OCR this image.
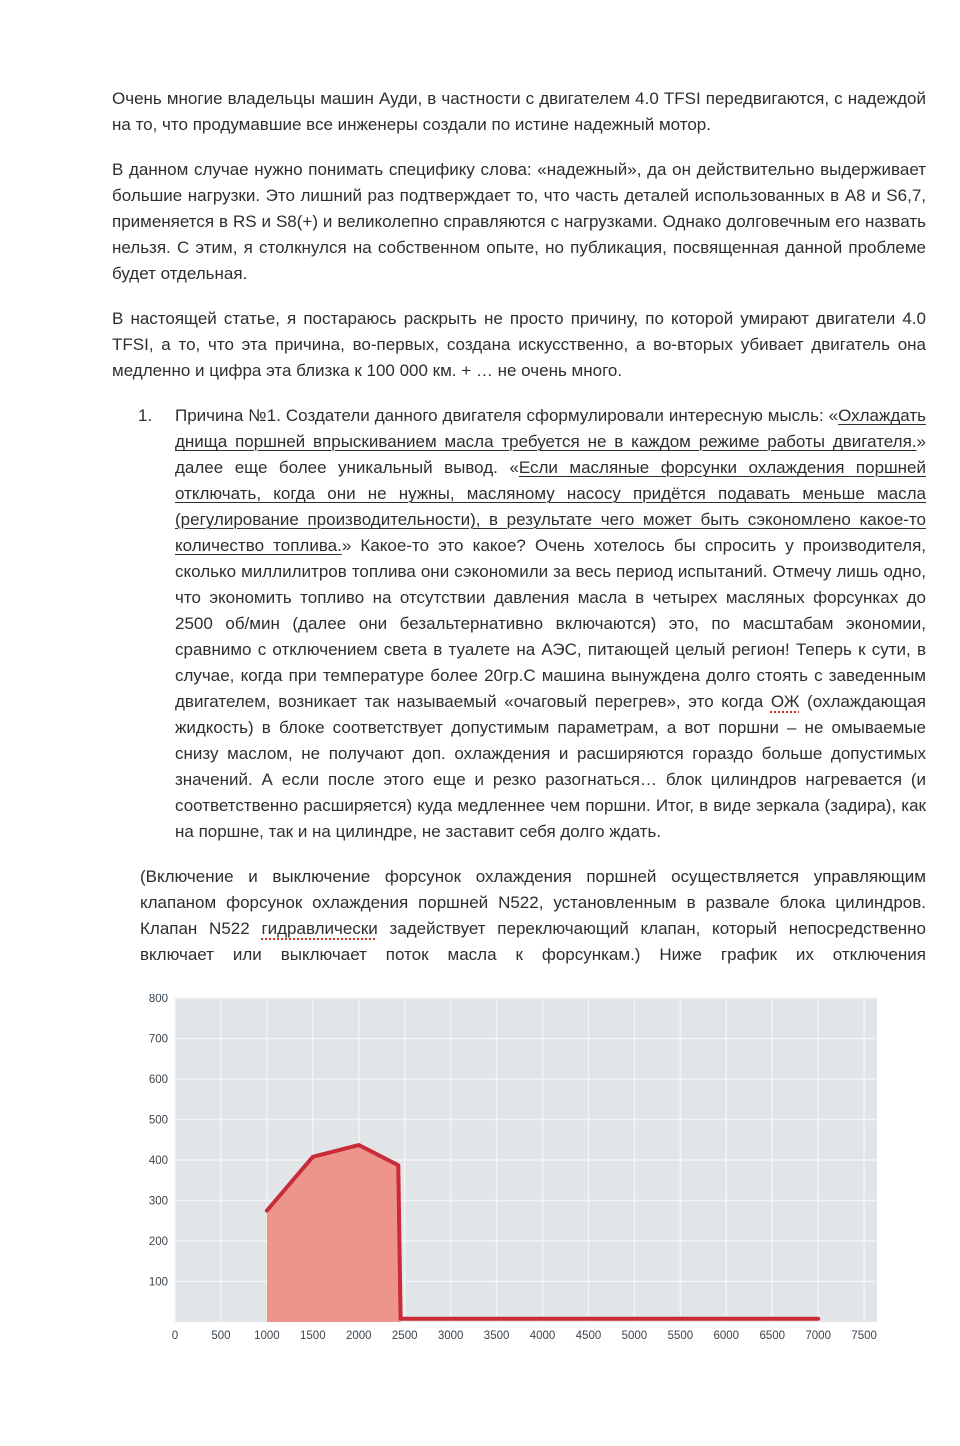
Очень многие владельцы машин Ауди, в частности с двигателем 4.0 TFSI передвигаются, с надеждой на то, что продумавшие все инженеры создали по истине надежный мотор.

В данном случае нужно понимать специфику слова: «надежный», да он действительно выдерживает большие нагрузки. Это лишний раз подтверждает то, что часть деталей использованных в А8 и S6,7, применяется в RS и S8(+) и великолепно справляются с нагрузками. Однако долговечным его назвать нельзя. С этим, я столкнулся на собственном опыте, но публикация, посвященная данной проблеме будет отдельная.

В настоящей статье, я постараюсь раскрыть не просто причину, по которой умирают двигатели 4.0 TFSI, а то, что эта причина, во-первых, создана искусственно, а во-вторых убивает двигатель она медленно и цифра эта близка к 100 000 км. + … не очень много.

1.	Причина №1. Создатели данного двигателя сформулировали интересную мысль: «Охлаждать днища поршней впрыскиванием масла требуется не в каждом режиме работы двигателя.» далее еще более уникальный вывод. «Если масляные форсунки охлаждения поршней отключать, когда они не нужны, масляному насосу придётся подавать меньше масла (регулирование производительности), в результате чего может быть сэкономлено какое-то количество топлива.» Какое-то это какое? Очень хотелось бы спросить у производителя, сколько миллилитров топлива они сэкономили за весь период испытаний. Отмечу лишь одно, что экономить топливо на отсутствии давления масла в четырех масляных форсунках до 2500 об/мин (далее они безальтернативно включаются) это, по масштабам экономии, сравнимо с отключением света в туалете на АЭС, питающей целый регион! Теперь к сути, в случае, когда при температуре более 20гр.С машина вынуждена долго стоять с заведенным двигателем, возникает так называемый «очаговый перегрев», это когда ОЖ (охлаждающая жидкость) в блоке соответствует допустимым параметрам, а вот поршни – не омываемые снизу маслом, не получают доп. охлаждения и расширяются гораздо больше допустимых значений. А если после этого еще и резко разогнаться… блок цилиндров нагревается (и соответственно расширяется) куда медленнее чем поршни. Итог, в виде зеркала (задира), как на поршне, так и на цилиндре, не заставит себя долго ждать.

(Включение и выключение форсунок охлаждения поршней осуществляется управляющим клапаном форсунок охлаждения поршней N522, установленным в развале блока цилиндров. Клапан N522 гидравлически задействует переключающий клапан, который непосредственно включает или выключает поток масла к форсункам.) Ниже график их отключения

100
200
300
400
500
600
700
800
0	500 1000 1500 2000 2500 3000 3500 4000 4500 5000 5500 6000 6500 7000 7500
